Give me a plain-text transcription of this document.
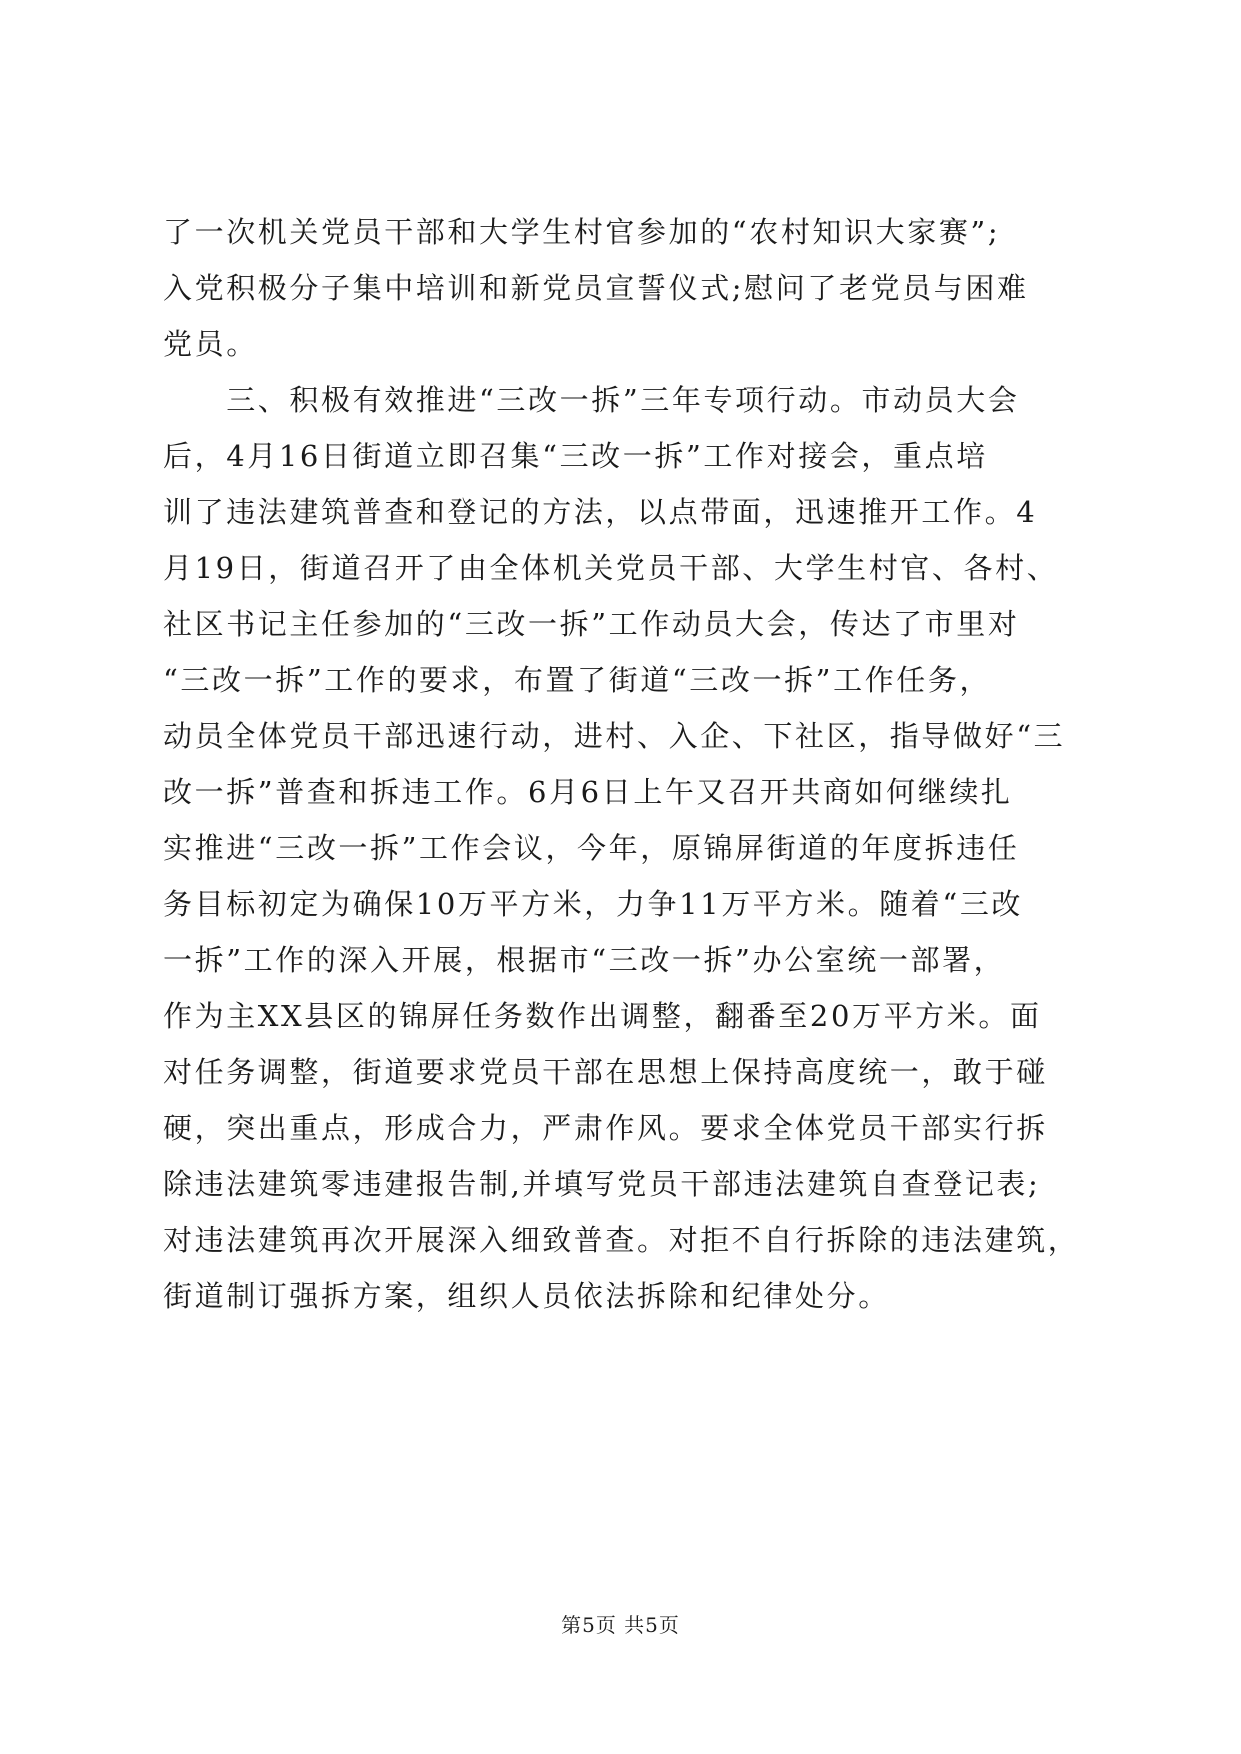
了一次机关党员干部和大学生村官参加的“农村知识大家赛”;
入党积极分子集中培训和新党员宣誓仪式;慰问了老党员与困难
党员。
　　三、积极有效推进“三改一拆”三年专项行动。市动员大会
后，4月16日街道立即召集“三改一拆”工作对接会，重点培
训了违法建筑普查和登记的方法，以点带面，迅速推开工作。4
月19日，街道召开了由全体机关党员干部、大学生村官、各村、
社区书记主任参加的“三改一拆”工作动员大会，传达了市里对
“三改一拆”工作的要求，布置了街道“三改一拆”工作任务，
动员全体党员干部迅速行动，进村、入企、下社区，指导做好“三
改一拆”普查和拆违工作。6月6日上午又召开共商如何继续扎
实推进“三改一拆”工作会议，今年，原锦屏街道的年度拆违任
务目标初定为确保10万平方米，力争11万平方米。随着“三改
一拆”工作的深入开展，根据市“三改一拆”办公室统一部署，
作为主XX县区的锦屏任务数作出调整，翻番至20万平方米。面
对任务调整，街道要求党员干部在思想上保持高度统一，敢于碰
硬，突出重点，形成合力，严肃作风。要求全体党员干部实行拆
除违法建筑零违建报告制,并填写党员干部违法建筑自查登记表;
对违法建筑再次开展深入细致普查。对拒不自行拆除的违法建筑，
街道制订强拆方案，组织人员依法拆除和纪律处分。
第5页 共5页
